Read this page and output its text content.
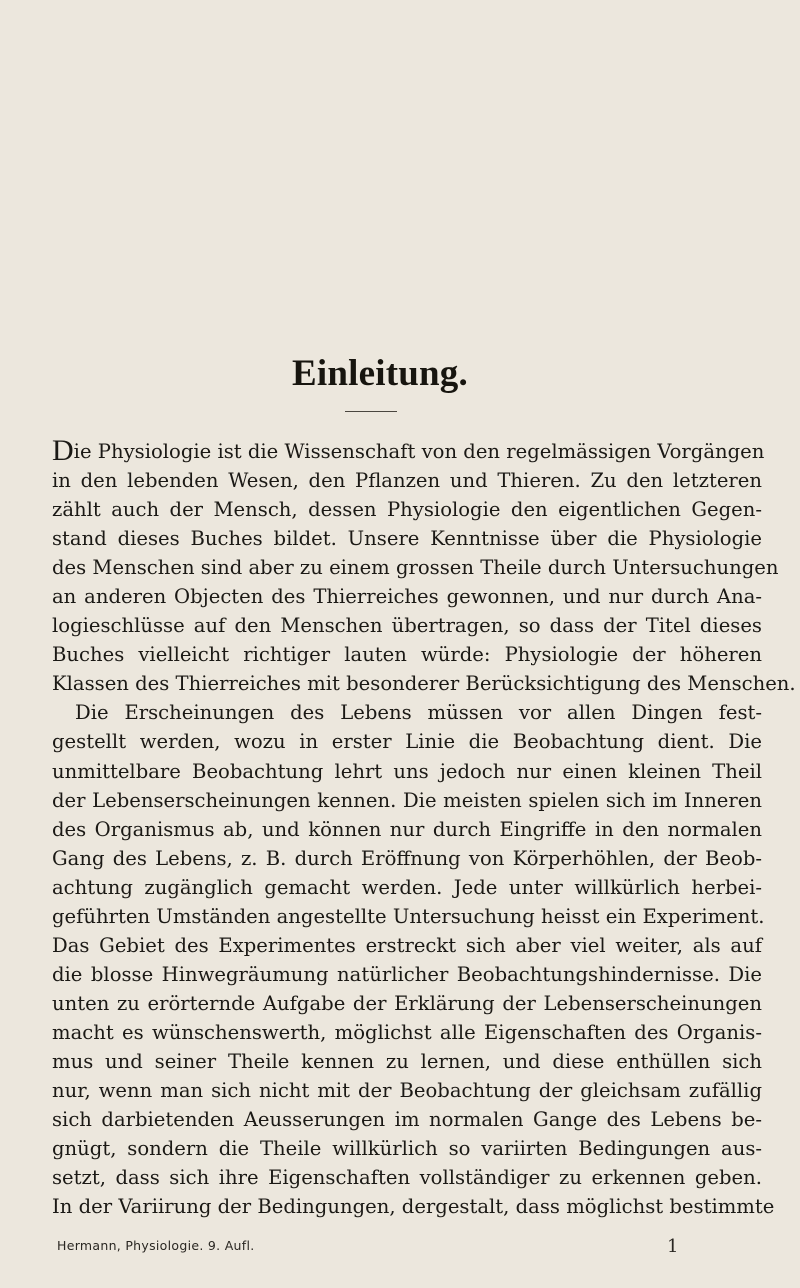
Einleitung.
Die Physiologie ist die Wissenschaft von den regelmässigen Vorgängen
in den lebenden Wesen, den Pflanzen und Thieren. Zu den letzteren
zählt auch der Mensch, dessen Physiologie den eigentlichen Gegen-
stand dieses Buches bildet. Unsere Kenntnisse über die Physiologie
des Menschen sind aber zu einem grossen Theile durch Untersuchungen
an anderen Objecten des Thierreiches gewonnen, und nur durch Ana-
logieschlüsse auf den Menschen übertragen, so dass der Titel dieses
Buches vielleicht richtiger lauten würde: Physiologie der höheren
Klassen des Thierreiches mit besonderer Berücksichtigung des Menschen.
Die Erscheinungen des Lebens müssen vor allen Dingen fest-
gestellt werden, wozu in erster Linie die Beobachtung dient. Die
unmittelbare Beobachtung lehrt uns jedoch nur einen kleinen Theil
der Lebenserscheinungen kennen. Die meisten spielen sich im Inneren
des Organismus ab, und können nur durch Eingriffe in den normalen
Gang des Lebens, z. B. durch Eröffnung von Körperhöhlen, der Beob-
achtung zugänglich gemacht werden. Jede unter willkürlich herbei-
geführten Umständen angestellte Untersuchung heisst ein Experiment.
Das Gebiet des Experimentes erstreckt sich aber viel weiter, als auf
die blosse Hinwegräumung natürlicher Beobachtungshindernisse. Die
unten zu erörternde Aufgabe der Erklärung der Lebenserscheinungen
macht es wünschenswerth, möglichst alle Eigenschaften des Organis-
mus und seiner Theile kennen zu lernen, und diese enthüllen sich
nur, wenn man sich nicht mit der Beobachtung der gleichsam zufällig
sich darbietenden Aeusserungen im normalen Gange des Lebens be-
gnügt, sondern die Theile willkürlich so variirten Bedingungen aus-
setzt, dass sich ihre Eigenschaften vollständiger zu erkennen geben.
In der Variirung der Bedingungen, dergestalt, dass möglichst bestimmte
Hermann, Physiologie. 9. Aufl.	1
